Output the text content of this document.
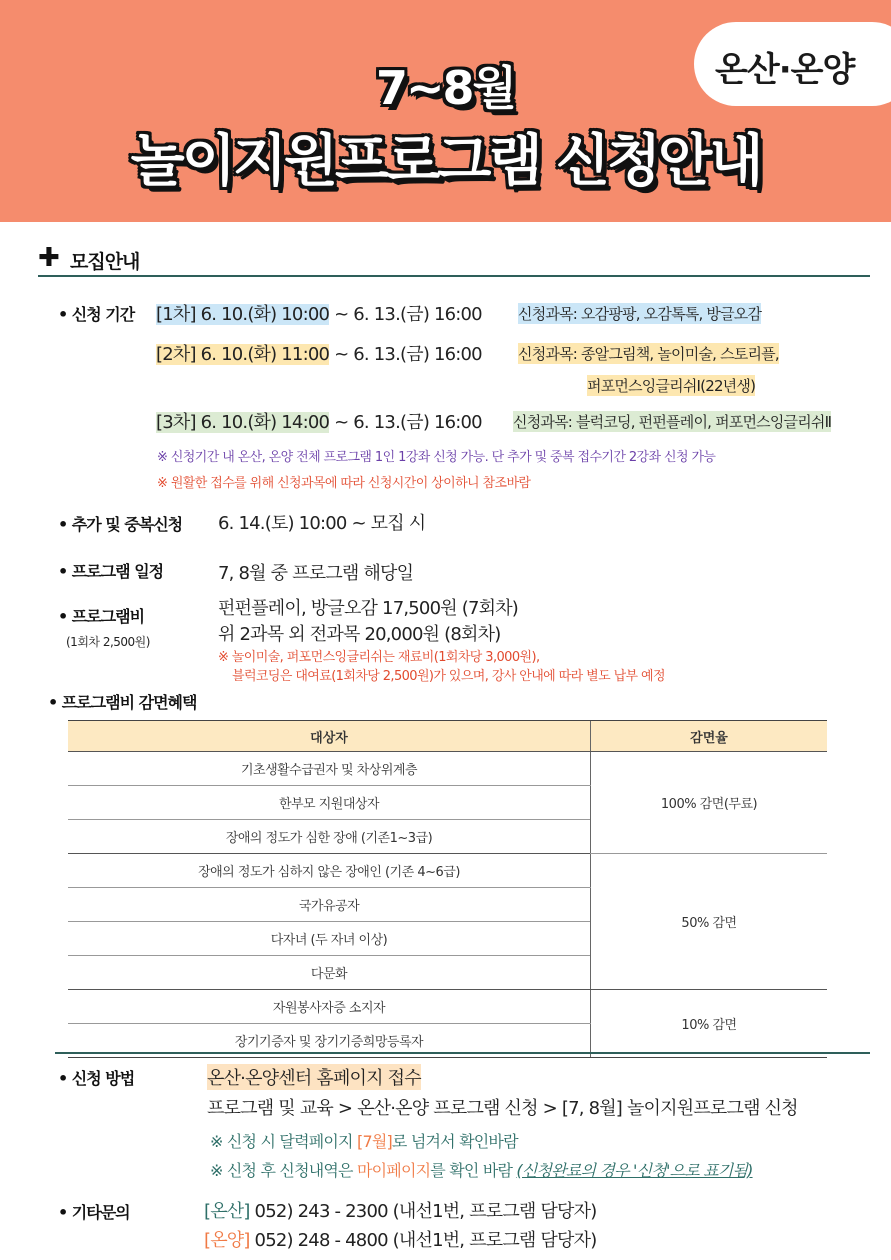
온산·온양
7~8월
놀이지원프로그램 신청안내
✚ 모집안내
• 신청 기간 [1차] 6. 10.(화) 10:00 ~ 6. 13.(금) 16:00 신청과목: 오감팡팡, 오감톡톡, 방글오감
[2차] 6. 10.(화) 11:00 ~ 6. 13.(금) 16:00 신청과목: 종알그림책, 놀이미술, 스토리플,
퍼포먼스잉글리쉬Ⅰ(22년생)
[3차] 6. 10.(화) 14:00 ~ 6. 13.(금) 16:00 신청과목: 블럭코딩, 펀펀플레이, 퍼포먼스잉글리쉬Ⅱ
※ 신청기간 내 온산, 온양 전체 프로그램 1인 1강좌 신청 가능. 단 추가 및 중복 접수기간 2강좌 신청 가능
※ 원활한 접수를 위해 신청과목에 따라 신청시간이 상이하니 참조바람
• 추가 및 중복신청 6. 14.(토) 10:00 ~ 모집 시
• 프로그램 일정	7, 8월 중 프로그램 해당일
• 프로그램비
(1회차 2,500원)
펀펀플레이, 방글오감 17,500원 (7회차)
위 2과목 외 전과목 20,000원 (8회차)
※ 놀이미술, 퍼포먼스잉글리쉬는 재료비(1회차당 3,000원),
블럭코딩은 대여료(1회차당 2,500원)가 있으며, 강사 안내에 따라 별도 납부 예정
• 프로그램비 감면혜택
대상자	감면율
기초생활수급권자 및 차상위계층	100% 감면(무료)
한부모 지원대상자	
장애의 정도가 심한 장애 (기존1~3급)	
장애의 정도가 심하지 않은 장애인 (기존 4~6급)	50% 감면
국가유공자	
다자녀 (두 자녀 이상)	
다문화	
자원봉사자증 소지자	10% 감면
장기기증자 및 장기기증희망등록자	
• 신청 방법	온산·온양센터 홈페이지 접수
프로그램 및 교육 > 온산·온양 프로그램 신청 > [7, 8월] 놀이지원프로그램 신청
※ 신청 시 달력페이지 [7월]로 넘겨서 확인바람
※ 신청 후 신청내역은 마이페이지를 확인 바람 (신청완료의 경우 '신청'으로 표기됨)
• 기타문의	[온산] 052) 243 - 2300 (내선1번, 프로그램 담당자)
[온양] 052) 248 - 4800 (내선1번, 프로그램 담당자)
